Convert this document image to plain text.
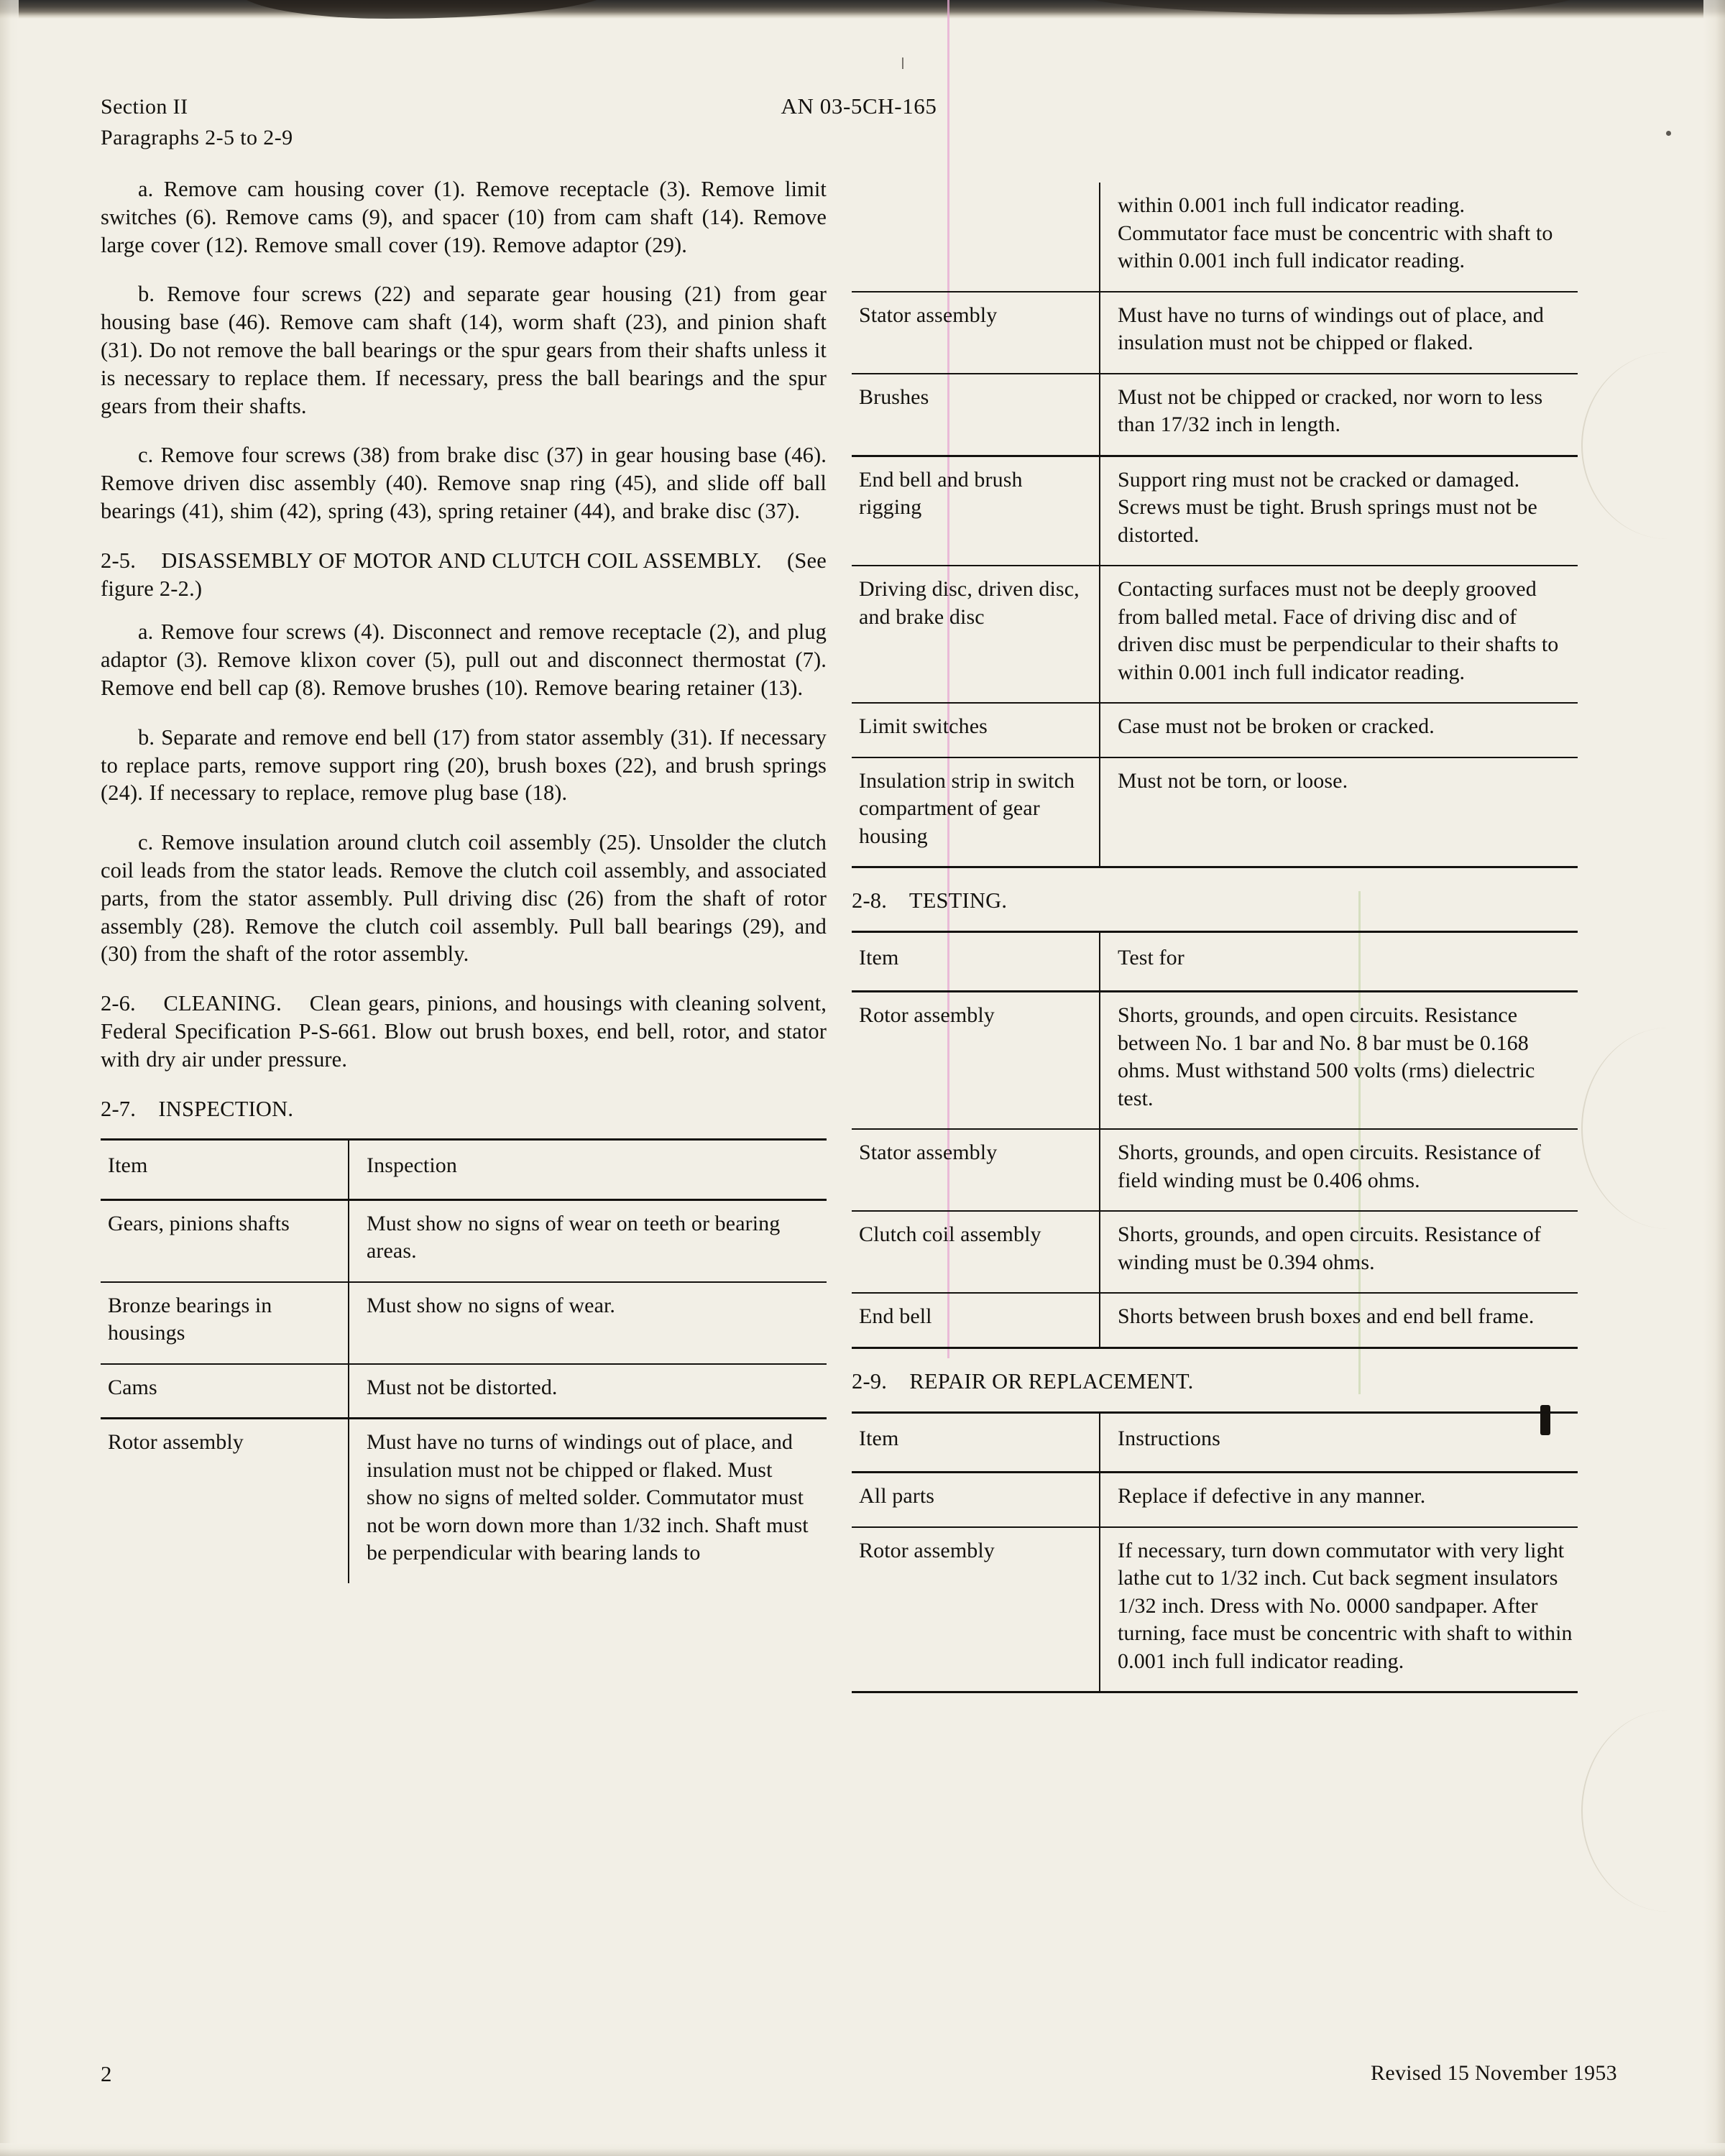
Section II
Paragraphs 2-5 to 2-9
AN 03-5CH-165

a. Remove cam housing cover (1). Remove receptacle (3). Remove limit switches (6). Remove cams (9), and spacer (10) from cam shaft (14). Remove large cover (12). Remove small cover (19). Remove adaptor (29).

b. Remove four screws (22) and separate gear housing (21) from gear housing base (46). Remove cam shaft (14), worm shaft (23), and pinion shaft (31). Do not remove the ball bearings or the spur gears from their shafts unless it is necessary to replace them. If necessary, press the ball bearings and the spur gears from their shafts.

c. Remove four screws (38) from brake disc (37) in gear housing base (46). Remove driven disc assembly (40). Remove snap ring (45), and slide off ball bearings (41), shim (42), spring (43), spring retainer (44), and brake disc (37).

2-5. DISASSEMBLY OF MOTOR AND CLUTCH COIL ASSEMBLY. (See figure 2-2.)

a. Remove four screws (4). Disconnect and remove receptacle (2), and plug adaptor (3). Remove klixon cover (5), pull out and disconnect thermostat (7). Remove end bell cap (8). Remove brushes (10). Remove bearing retainer (13).

b. Separate and remove end bell (17) from stator assembly (31). If necessary to replace parts, remove support ring (20), brush boxes (22), and brush springs (24). If necessary to replace, remove plug base (18).

c. Remove insulation around clutch coil assembly (25). Unsolder the clutch coil leads from the stator leads. Remove the clutch coil assembly, and associated parts, from the stator assembly. Pull driving disc (26) from the shaft of rotor assembly (28). Remove the clutch coil assembly. Pull ball bearings (29), and (30) from the shaft of the rotor assembly.

2-6. CLEANING. Clean gears, pinions, and housings with cleaning solvent, Federal Specification P-S-661. Blow out brush boxes, end bell, rotor, and stator with dry air under pressure.

2-7. INSPECTION.

Item	Inspection
Gears, pinions shafts	Must show no signs of wear on teeth or bearing areas.
Bronze bearings in housings	Must show no signs of wear.
Cams	Must not be distorted.
Rotor assembly	Must have no turns of windings out of place, and insulation must not be chipped or flaked. Must show no signs of melted solder. Commutator must not be worn down more than 1/32 inch. Shaft must be perpendicular with bearing lands to
	within 0.001 inch full indicator reading. Commutator face must be concentric with shaft to within 0.001 inch full indicator reading.
Stator assembly	Must have no turns of windings out of place, and insulation must not be chipped or flaked.
Brushes	Must not be chipped or cracked, nor worn to less than 17/32 inch in length.
End bell and brush rigging	Support ring must not be cracked or damaged. Screws must be tight. Brush springs must not be distorted.
Driving disc, driven disc, and brake disc	Contacting surfaces must not be deeply grooved from balled metal. Face of driving disc and of driven disc must be perpendicular to their shafts to within 0.001 inch full indicator reading.
Limit switches	Case must not be broken or cracked.
Insulation strip in switch compartment of gear housing	Must not be torn, or loose.

2-8. TESTING.

Item	Test for
Rotor assembly	Shorts, grounds, and open circuits. Resistance between No. 1 bar and No. 8 bar must be 0.168 ohms. Must withstand 500 volts (rms) dielectric test.
Stator assembly	Shorts, grounds, and open circuits. Resistance of field winding must be 0.406 ohms.
Clutch coil assembly	Shorts, grounds, and open circuits. Resistance of winding must be 0.394 ohms.
End bell	Shorts between brush boxes and end bell frame.

2-9. REPAIR OR REPLACEMENT.

Item	Instructions
All parts	Replace if defective in any manner.
Rotor assembly	If necessary, turn down commutator with very light lathe cut to 1/32 inch. Cut back segment insulators 1/32 inch. Dress with No. 0000 sandpaper. After turning, face must be concentric with shaft to within 0.001 inch full indicator reading.
2	Revised 15 November 1953
